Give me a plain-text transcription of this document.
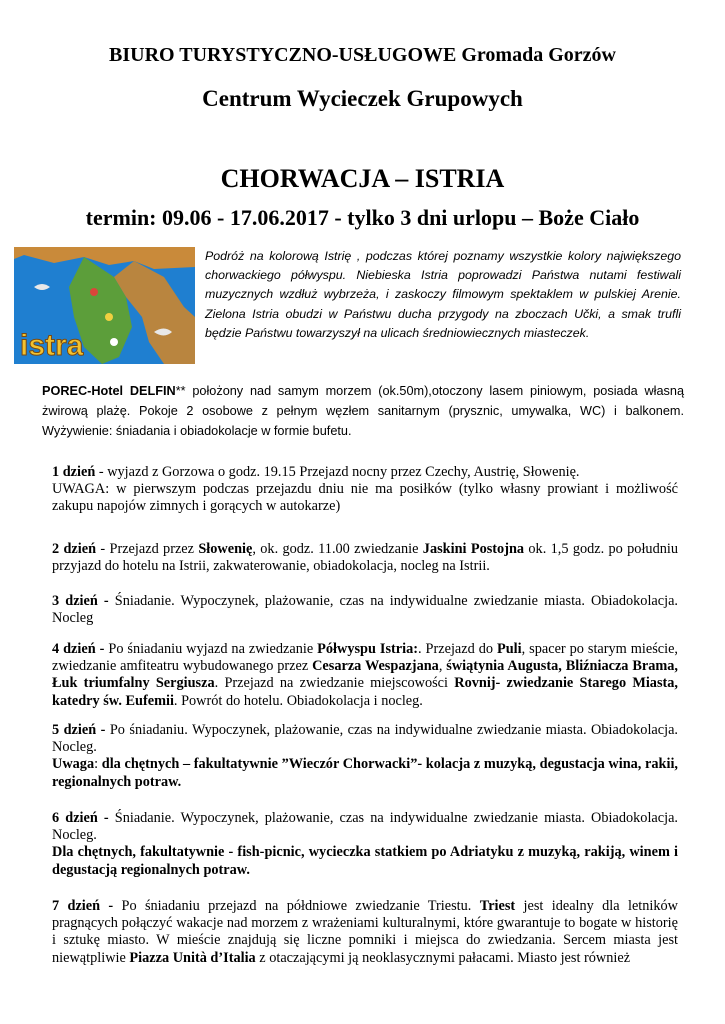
BIURO TURYSTYCZNO-USŁUGOWE Gromada Gorzów
Centrum Wycieczek Grupowych
CHORWACJA – ISTRIA
termin: 09.06 - 17.06.2017 - tylko 3 dni urlopu – Boże Ciało
istra
Podróż na kolorową Istrię , podczas której poznamy wszystkie kolory największego chorwackiego półwyspu. Niebieska Istria poprowadzi Państwa nutami festiwali muzycznych wzdłuż wybrzeża, i zaskoczy filmowym spektaklem w pulskiej Arenie. Zielona Istria obudzi w Państwu ducha przygody na zboczach Učki, a smak trufli będzie Państwu towarzyszył na ulicach średniowiecznych miasteczek.
POREC-Hotel DELFIN** położony nad samym morzem (ok.50m),otoczony lasem piniowym, posiada własną żwirową plażę. Pokoje 2 osobowe z pełnym węzłem sanitarnym (prysznic, umywalka, WC) i balkonem. Wyżywienie: śniadania i obiadokolacje w formie bufetu.

1 dzień - wyjazd z Gorzowa o godz. 19.15 Przejazd nocny przez Czechy, Austrię, Słowenię.

UWAGA: w pierwszym podczas przejazdu dniu nie ma posiłków (tylko własny prowiant i możliwość zakupu napojów zimnych i gorących w autokarze)

2 dzień - Przejazd przez Słowenię, ok. godz. 11.00 zwiedzanie Jaskini Postojna ok. 1,5 godz. po południu przyjazd do hotelu na Istrii, zakwaterowanie, obiadokolacja, nocleg na Istrii.

3 dzień - Śniadanie. Wypoczynek, plażowanie, czas na indywidualne zwiedzanie miasta. Obiadokolacja. Nocleg

4 dzień - Po śniadaniu wyjazd na zwiedzanie Półwyspu Istria:. Przejazd do Puli, spacer po starym mieście, zwiedzanie amfiteatru wybudowanego przez Cesarza Wespazjana, świątynia Augusta, Bliźniacza Brama, Łuk triumfalny Sergiusza. Przejazd na zwiedzanie miejscowości Rovnij- zwiedzanie Starego Miasta, katedry św. Eufemii. Powrót do hotelu. Obiadokolacja i nocleg.

5 dzień - Po śniadaniu. Wypoczynek, plażowanie, czas na indywidualne zwiedzanie miasta. Obiadokolacja. Nocleg.

Uwaga: dla chętnych – fakultatywnie ”Wieczór Chorwacki”- kolacja z muzyką, degustacja wina, rakii, regionalnych potraw.

6 dzień - Śniadanie. Wypoczynek, plażowanie, czas na indywidualne zwiedzanie miasta. Obiadokolacja. Nocleg.

Dla chętnych, fakultatywnie - fish-picnic, wycieczka statkiem po Adriatyku z muzyką, rakiją, winem i degustacją regionalnych potraw.

7 dzień - Po śniadaniu przejazd na półdniowe zwiedzanie Triestu. Triest jest idealny dla letników pragnących połączyć wakacje nad morzem z wrażeniami kulturalnymi, które gwarantuje to bogate w historię i sztukę miasto. W mieście znajdują się liczne pomniki i miejsca do zwiedzania. Sercem miasta jest niewątpliwie Piazza Unità d’Italia z otaczającymi ją neoklasycznymi pałacami. Miasto jest również
